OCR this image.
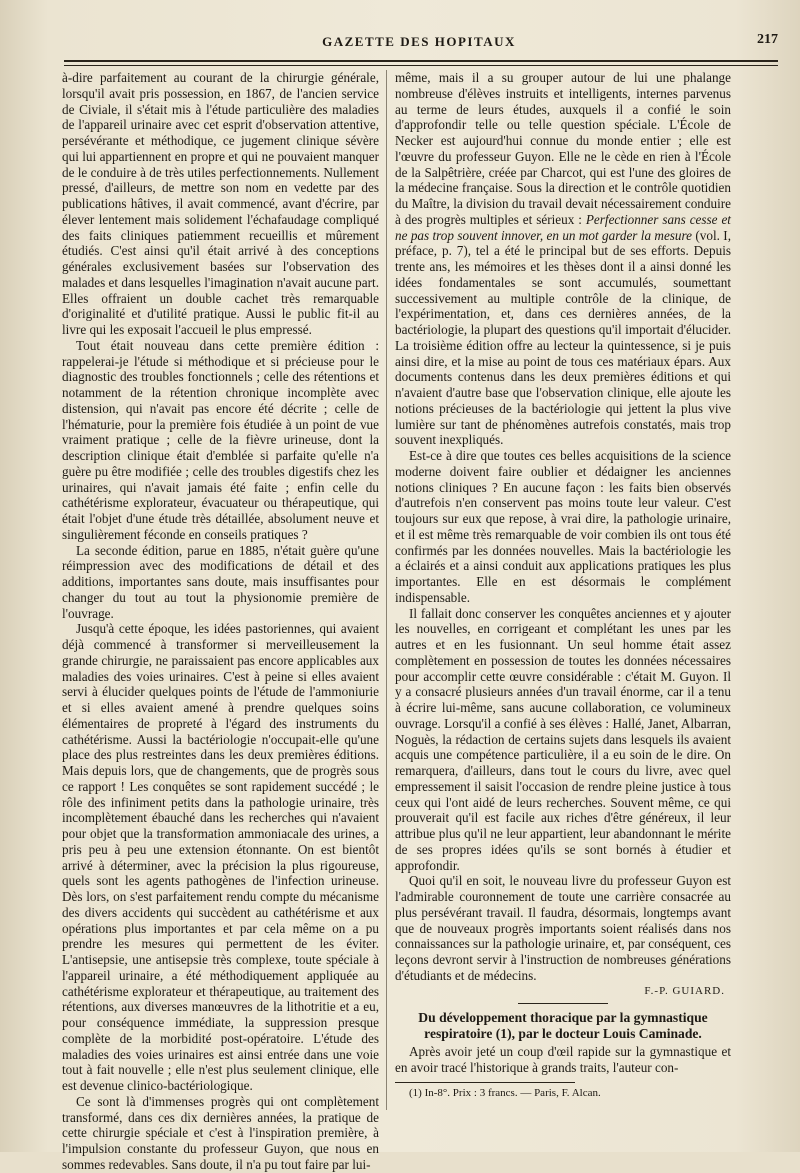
GAZETTE DES HOPITAUX	217

à-dire parfaitement au courant de la chirurgie générale, lorsqu'il avait pris possession, en 1867, de l'ancien service de Civiale, il s'était mis à l'étude particulière des maladies de l'appareil urinaire avec cet esprit d'observation attentive, persévérante et méthodique, ce jugement clinique sévère qui lui appartiennent en propre et qui ne pouvaient manquer de le conduire à de très utiles perfectionnements. Nullement pressé, d'ailleurs, de mettre son nom en vedette par des publications hâtives, il avait commencé, avant d'écrire, par élever lentement mais solidement l'échafaudage compliqué des faits cliniques patiemment recueillis et mûrement étudiés. C'est ainsi qu'il était arrivé à des conceptions générales exclusivement basées sur l'observation des malades et dans lesquelles l'imagination n'avait aucune part. Elles offraient un double cachet très remarquable d'originalité et d'utilité pratique. Aussi le public fit-il au livre qui les exposait l'accueil le plus empressé.

Tout était nouveau dans cette première édition : rappelerai-je l'étude si méthodique et si précieuse pour le diagnostic des troubles fonctionnels ; celle des rétentions et notamment de la rétention chronique incomplète avec distension, qui n'avait pas encore été décrite ; celle de l'hématurie, pour la première fois étudiée à un point de vue vraiment pratique ; celle de la fièvre urineuse, dont la description clinique était d'emblée si parfaite qu'elle n'a guère pu être modifiée ; celle des troubles digestifs chez les urinaires, qui n'avait jamais été faite ; enfin celle du cathétérisme explorateur, évacuateur ou thérapeutique, qui était l'objet d'une étude très détaillée, absolument neuve et singulièrement féconde en conseils pratiques ?

La seconde édition, parue en 1885, n'était guère qu'une réimpression avec des modifications de détail et des additions, importantes sans doute, mais insuffisantes pour changer du tout au tout la physionomie première de l'ouvrage.

Jusqu'à cette époque, les idées pastoriennes, qui avaient déjà commencé à transformer si merveilleusement la grande chirurgie, ne paraissaient pas encore applicables aux maladies des voies urinaires. C'est à peine si elles avaient servi à élucider quelques points de l'étude de l'ammoniurie et si elles avaient amené à prendre quelques soins élémentaires de propreté à l'égard des instruments du cathétérisme. Aussi la bactériologie n'occupait-elle qu'une place des plus restreintes dans les deux premières éditions. Mais depuis lors, que de changements, que de progrès sous ce rapport ! Les conquêtes se sont rapidement succédé ; le rôle des infiniment petits dans la pathologie urinaire, très incomplètement ébauché dans les recherches qui n'avaient pour objet que la transformation ammoniacale des urines, a pris peu à peu une extension étonnante. On est bientôt arrivé à déterminer, avec la précision la plus rigoureuse, quels sont les agents pathogènes de l'infection urineuse. Dès lors, on s'est parfaitement rendu compte du mécanisme des divers accidents qui succèdent au cathétérisme et aux opérations plus importantes et par cela même on a pu prendre les mesures qui permettent de les éviter. L'antisepsie, une antisepsie très complexe, toute spéciale à l'appareil urinaire, a été méthodiquement appliquée au cathétérisme explorateur et thérapeutique, au traitement des rétentions, aux diverses manœuvres de la lithotritie et a eu, pour conséquence immédiate, la suppression presque complète de la morbidité post-opératoire. L'étude des maladies des voies urinaires est ainsi entrée dans une voie tout à fait nouvelle ; elle n'est plus seulement clinique, elle est devenue clinico-bactériologique.

Ce sont là d'immenses progrès qui ont complètement transformé, dans ces dix dernières années, la pratique de cette chirurgie spéciale et c'est à l'inspiration première, à l'impulsion constante du professeur Guyon, que nous en sommes redevables. Sans doute, il n'a pu tout faire par lui-

même, mais il a su grouper autour de lui une phalange nombreuse d'élèves instruits et intelligents, internes parvenus au terme de leurs études, auxquels il a confié le soin d'approfondir telle ou telle question spéciale. L'École de Necker est aujourd'hui connue du monde entier ; elle est l'œuvre du professeur Guyon. Elle ne le cède en rien à l'École de la Salpêtrière, créée par Charcot, qui est l'une des gloires de la médecine française. Sous la direction et le contrôle quotidien du Maître, la division du travail devait nécessairement conduire à des progrès multiples et sérieux : Perfectionner sans cesse et ne pas trop souvent innover, en un mot garder la mesure (vol. I, préface, p. 7), tel a été le principal but de ses efforts. Depuis trente ans, les mémoires et les thèses dont il a ainsi donné les idées fondamentales se sont accumulés, soumettant successivement au multiple contrôle de la clinique, de l'expérimentation, et, dans ces dernières années, de la bactériologie, la plupart des questions qu'il importait d'élucider. La troisième édition offre au lecteur la quintessence, si je puis ainsi dire, et la mise au point de tous ces matériaux épars. Aux documents contenus dans les deux premières éditions et qui n'avaient d'autre base que l'observation clinique, elle ajoute les notions précieuses de la bactériologie qui jettent la plus vive lumière sur tant de phénomènes autrefois constatés, mais trop souvent inexpliqués.

Est-ce à dire que toutes ces belles acquisitions de la science moderne doivent faire oublier et dédaigner les anciennes notions cliniques ? En aucune façon : les faits bien observés d'autrefois n'en conservent pas moins toute leur valeur. C'est toujours sur eux que repose, à vrai dire, la pathologie urinaire, et il est même très remarquable de voir combien ils ont tous été confirmés par les données nouvelles. Mais la bactériologie les a éclairés et a ainsi conduit aux applications pratiques les plus importantes. Elle en est désormais le complément indispensable.

Il fallait donc conserver les conquêtes anciennes et y ajouter les nouvelles, en corrigeant et complétant les unes par les autres et en les fusionnant. Un seul homme était assez complètement en possession de toutes les données nécessaires pour accomplir cette œuvre considérable : c'était M. Guyon. Il y a consacré plusieurs années d'un travail énorme, car il a tenu à écrire lui-même, sans aucune collaboration, ce volumineux ouvrage. Lorsqu'il a confié à ses élèves : Hallé, Janet, Albarran, Noguès, la rédaction de certains sujets dans lesquels ils avaient acquis une compétence particulière, il a eu soin de le dire. On remarquera, d'ailleurs, dans tout le cours du livre, avec quel empressement il saisit l'occasion de rendre pleine justice à tous ceux qui l'ont aidé de leurs recherches. Souvent même, ce qui prouverait qu'il est facile aux riches d'être généreux, il leur attribue plus qu'il ne leur appartient, leur abandonnant le mérite de ses propres idées qu'ils se sont bornés à étudier et approfondir.

Quoi qu'il en soit, le nouveau livre du professeur Guyon est l'admirable couronnement de toute une carrière consacrée au plus persévérant travail. Il faudra, désormais, longtemps avant que de nouveaux progrès importants soient réalisés dans nos connaissances sur la pathologie urinaire, et, par conséquent, ces leçons devront servir à l'instruction de nombreuses générations d'étudiants et de médecins.

F.-P. GUIARD.
Du développement thoracique par la gymnastique respiratoire (1), par le docteur Louis Caminade.

Après avoir jeté un coup d'œil rapide sur la gymnastique et en avoir tracé l'historique à grands traits, l'auteur con-

(1) In-8°. Prix : 3 francs. — Paris, F. Alcan.
